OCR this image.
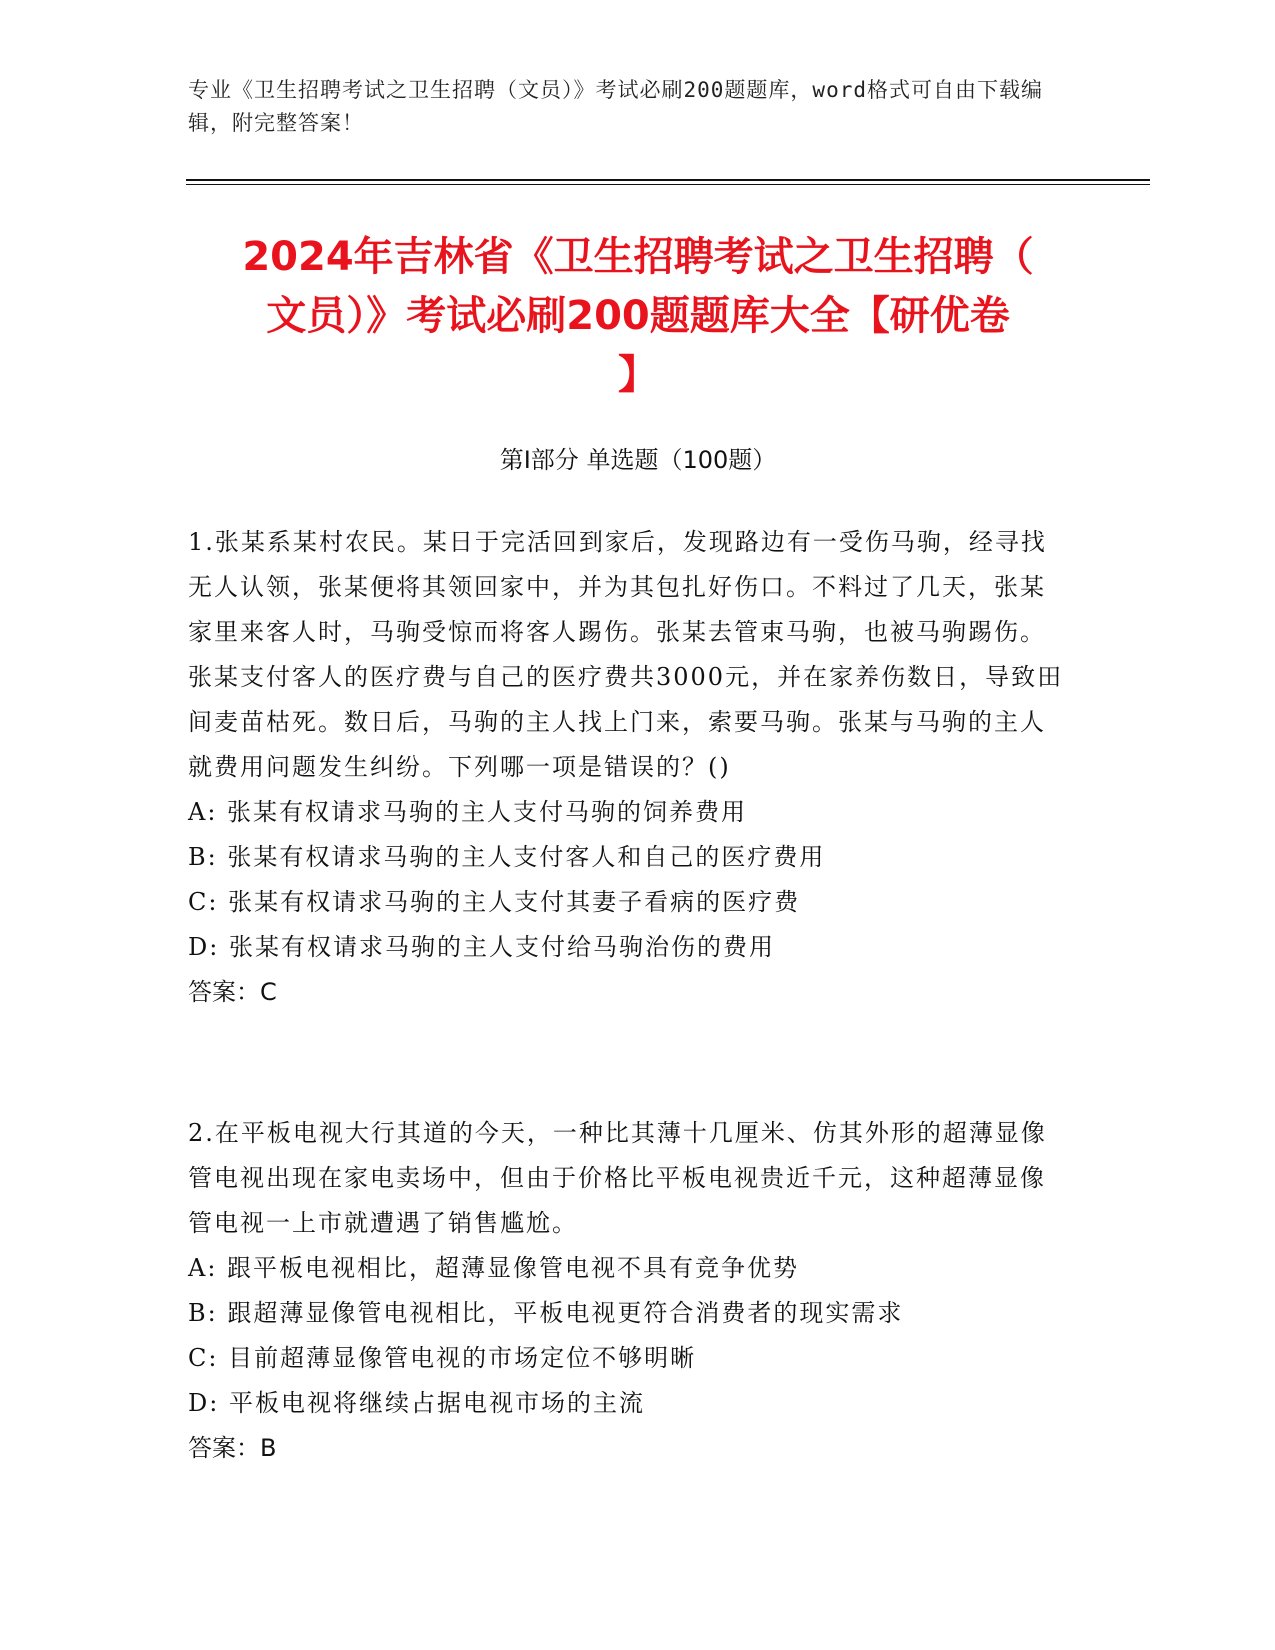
专业《卫生招聘考试之卫生招聘（文员）》考试必刷200题题库，word格式可自由下载编辑，附完整答案！
2024年吉林省《卫生招聘考试之卫生招聘（
文员）》考试必刷200题题库大全【研优卷
】
第Ⅰ部分 单选题（100题）

1.张某系某村农民。某日于完活回到家后，发现路边有一受伤马驹，经寻找无人认领，张某便将其领回家中，并为其包扎好伤口。不料过了几天，张某家里来客人时，马驹受惊而将客人踢伤。张某去管束马驹，也被马驹踢伤。张某支付客人的医疗费与自己的医疗费共3000元，并在家养伤数日，导致田间麦苗枯死。数日后，马驹的主人找上门来，索要马驹。张某与马驹的主人就费用问题发生纠纷。下列哪一项是错误的？()

A: 张某有权请求马驹的主人支付马驹的饲养费用

B: 张某有权请求马驹的主人支付客人和自己的医疗费用

C: 张某有权请求马驹的主人支付其妻子看病的医疗费

D: 张某有权请求马驹的主人支付给马驹治伤的费用

答案：C

2.在平板电视大行其道的今天，一种比其薄十几厘米、仿其外形的超薄显像管电视出现在家电卖场中，但由于价格比平板电视贵近千元，这种超薄显像管电视一上市就遭遇了销售尴尬。

A: 跟平板电视相比，超薄显像管电视不具有竞争优势

B: 跟超薄显像管电视相比，平板电视更符合消费者的现实需求

C: 目前超薄显像管电视的市场定位不够明晰

D: 平板电视将继续占据电视市场的主流

答案：B
